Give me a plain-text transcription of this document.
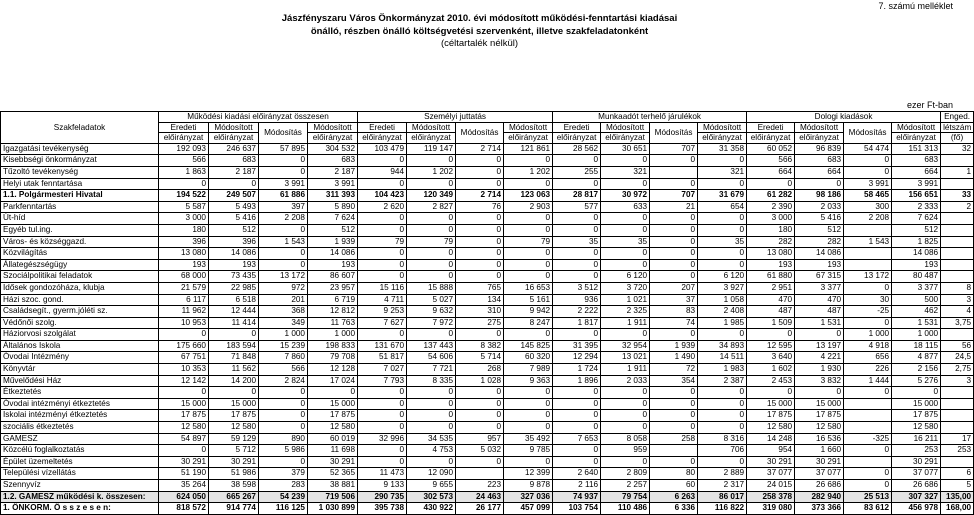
7. számú melléklet
Jászfényszaru Város Önkormányzat 2010. évi módosított működési-fenntartási kiadásai
önálló, részben önálló költségvetési szervenként, illetve szakfeladatonként
(céltartalék nélkül)
ezer Ft-ban
Szakfeladatok	Működési kiadási előirányzat összesen				Személyi juttatás				Munkaadót terhelő járulékok				Dologi kiadások				Enged.
	Eredeti	Módosított	Módosítás	Módosított	Eredeti	Módosított	Módosítás	Módosított	Eredeti	Módosított	Módosítás	Módosított	Eredeti	Módosított	Módosítás	Módosított	létszám
	előirányzat	előirányzat		előirányzat	előirányzat	előirányzat		előirányzat	előirányzat	előirányzat		előirányzat	előirányzat	előirányzat		előirányzat	(fő)
Igazgatási tevékenység	192 093	246 637	57 895	304 532	103 479	119 147	2 714	121 861	28 562	30 651	707	31 358	60 052	96 839	54 474	151 313	32
Kisebbségi önkormányzat	566	683	0	683	0	0	0	0	0	0	0	0	566	683	0	683	
Tűzoltó tevékenység	1 863	2 187	0	2 187	944	1 202	0	1 202	255	321		321	664	664	0	664	1
Helyi utak fenntartása	0	0	3 991	3 991	0	0	0	0	0	0	0	0	0	0	3 991	3 991	
1.1. Polgármesteri Hivatal	194 522	249 507	61 886	311 393	104 423	120 349	2 714	123 063	28 817	30 972	707	31 679	61 282	98 186	58 465	156 651	33
Parkfenntartás	5 587	5 493	397	5 890	2 620	2 827	76	2 903	577	633	21	654	2 390	2 033	300	2 333	2
Út-híd	3 000	5 416	2 208	7 624	0	0	0	0	0	0	0	0	3 000	5 416	2 208	7 624	
Egyéb tul.ing.	180	512	0	512	0	0	0	0	0	0	0	0	180	512		512	
Város- és községgazd.	396	396	1 543	1 939	79	79	0	79	35	35	0	35	282	282	1 543	1 825	
Közvilágítás	13 080	14 086	0	14 086	0	0	0	0	0	0	0	0	13 080	14 086		14 086	
Állategészségügy	193	193	0	193	0	0	0	0	0	0	0	0	193	193		193	
Szociálpolitikai feladatok	68 000	73 435	13 172	86 607	0	0	0	0	0	6 120	0	6 120	61 880	67 315	13 172	80 487	
Idősek gondozóháza, klubja	21 579	22 985	972	23 957	15 116	15 888	765	16 653	3 512	3 720	207	3 927	2 951	3 377	0	3 377	8
Házi szoc. gond.	6 117	6 518	201	6 719	4 711	5 027	134	5 161	936	1 021	37	1 058	470	470	30	500	3
Családsegít., gyerm.jóléti sz.	11 962	12 444	368	12 812	9 253	9 632	310	9 942	2 222	2 325	83	2 408	487	487	-25	462	4
Védőnői szolg.	10 953	11 414	349	11 763	7 627	7 972	275	8 247	1 817	1 911	74	1 985	1 509	1 531	0	1 531	3,75
Háziorvosi szolgálat	0	0	1 000	1 000	0	0	0	0	0	0	0	0	0	0	1 000	1 000	
Általános Iskola	175 660	183 594	15 239	198 833	131 670	137 443	8 382	145 825	31 395	32 954	1 939	34 893	12 595	13 197	4 918	18 115	56
Óvodai Intézmény	67 751	71 848	7 860	79 708	51 817	54 606	5 714	60 320	12 294	13 021	1 490	14 511	3 640	4 221	656	4 877	24,5
Könyvtár	10 353	11 562	566	12 128	7 027	7 721	268	7 989	1 724	1 911	72	1 983	1 602	1 930	226	2 156	2,75
Művelődési Ház	12 142	14 200	2 824	17 024	7 793	8 335	1 028	9 363	1 896	2 033	354	2 387	2 453	3 832	1 444	5 276	3
Étkeztetés	0	0	0	0	0	0	0	0	0	0	0	0	0	0	0	0	
Óvodai intézményi étkeztetés	15 000	15 000	0	15 000	0	0	0	0	0	0	0	0	15 000	15 000		15 000	
Iskolai intézményi étkeztetés	17 875	17 875	0	17 875	0	0	0	0	0	0	0	0	17 875	17 875		17 875	
szociális étkeztetés	12 580	12 580	0	12 580	0	0	0	0	0	0	0	0	12 580	12 580		12 580	
GAMESZ	54 897	59 129	890	60 019	32 996	34 535	957	35 492	7 653	8 058	258	8 316	14 248	16 536	-325	16 211	17
Közcélú foglalkoztatás	0	5 712	5 986	11 698	0	4 753	5 032	9 785	0	959		706	954	1 660	0	253	253
Épület üzemeltetés	30 291	30 291	0	30 291	0	0	0	0	0	0	0	0	30 291	30 291		30 291	
Települési vízellátás	51 190	51 986	379	52 365	11 473	12 090		12 399	2 640	2 809	80	2 889	37 077	37 077	0	37 077	6
Szennyvíz	35 264	38 598	283	38 881	9 133	9 655	223	9 878	2 116	2 257	60	2 317	24 015	26 686	0	26 686	5
1.2. GAMESZ működési k. összesen:	624 050	665 267	54 239	719 506	290 735	302 573	24 463	327 036	74 937	79 754	6 263	86 017	258 378	282 940	25 513	307 327	135,00
1. ÖNKORM. Ö s s z e s e n:	818 572	914 774	116 125	1 030 899	395 738	430 922	26 177	457 099	103 754	110 486	6 336	116 822	319 080	373 366	83 612	456 978	168,00
